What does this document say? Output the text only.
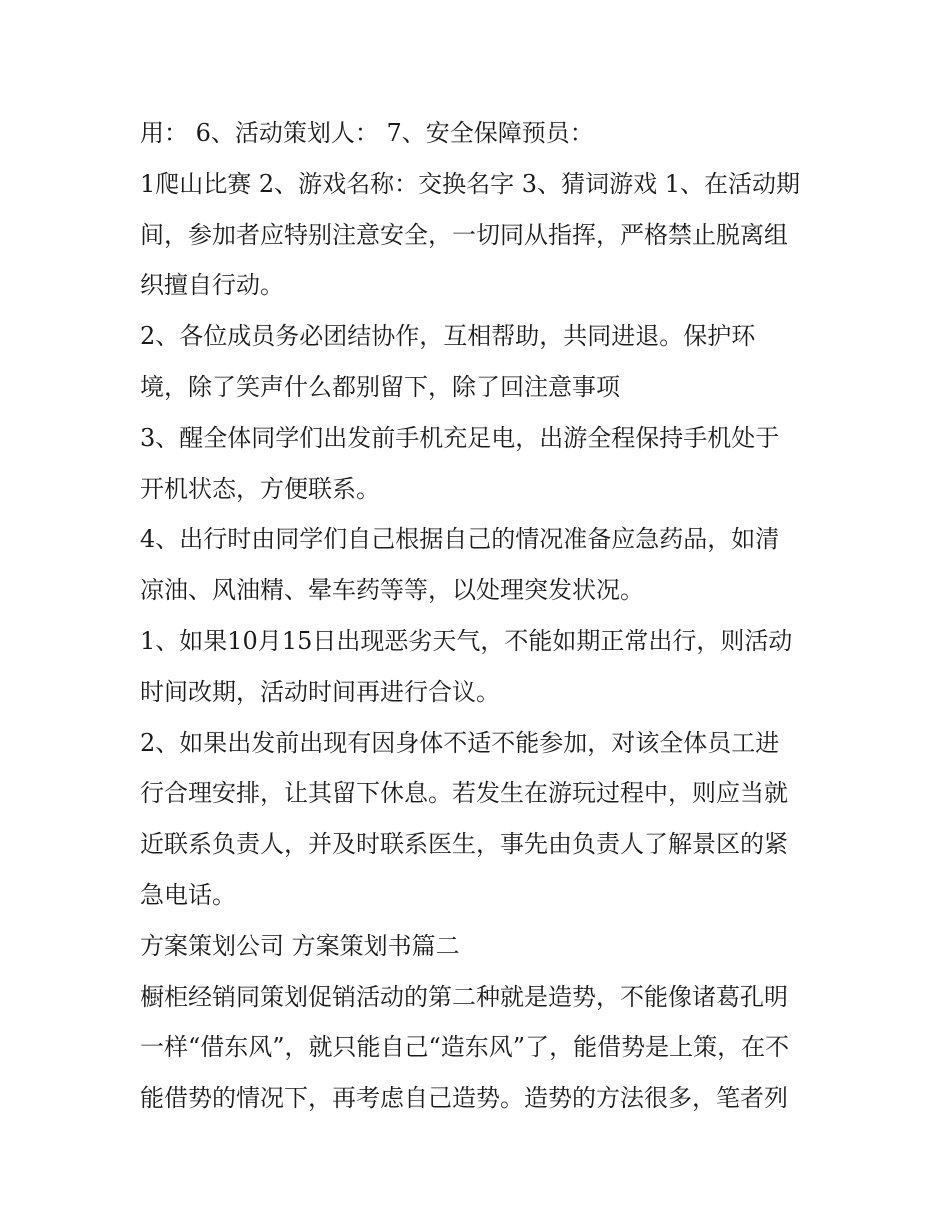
用： 6、活动策划人： 7、安全保障预员：
1爬山比赛 2、游戏名称：交换名字 3、猜词游戏 1、在活动期
间，参加者应特别注意安全，一切同从指挥，严格禁止脱离组
织擅自行动。
2、各位成员务必团结协作，互相帮助，共同进退。保护环
境，除了笑声什么都别留下，除了回注意事项
3、醒全体同学们出发前手机充足电，出游全程保持手机处于
开机状态，方便联系。
4、出行时由同学们自己根据自己的情况准备应急药品，如清
凉油、风油精、晕车药等等，以处理突发状况。
1、如果10月15日出现恶劣天气，不能如期正常出行，则活动
时间改期，活动时间再进行合议。
2、如果出发前出现有因身体不适不能参加，对该全体员工进
行合理安排，让其留下休息。若发生在游玩过程中，则应当就
近联系负责人，并及时联系医生，事先由负责人了解景区的紧
急电话。
方案策划公司 方案策划书篇二
橱柜经销同策划促销活动的第二种就是造势，不能像诸葛孔明
一样“借东风”，就只能自己“造东风”了，能借势是上策，在不
能借势的情况下，再考虑自己造势。造势的方法很多，笔者列
